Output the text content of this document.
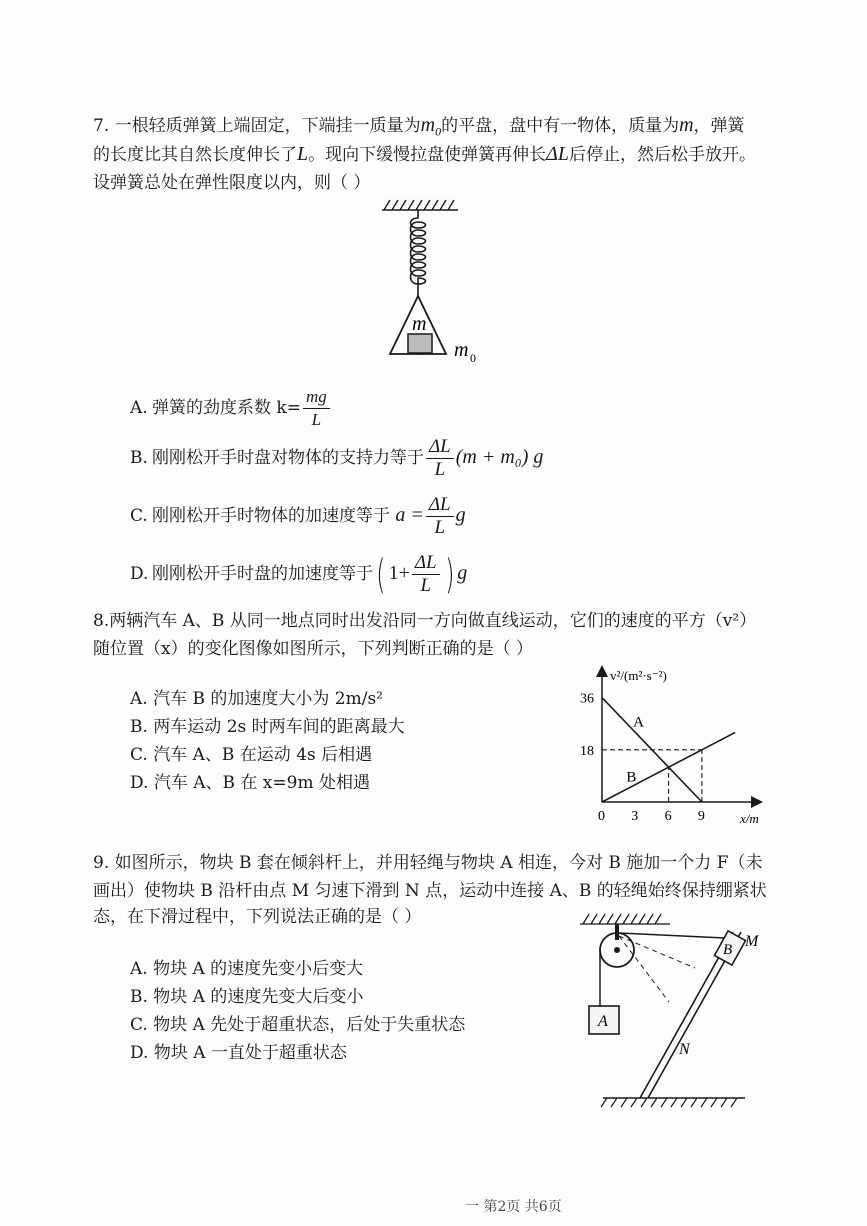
7. 一根轻质弹簧上端固定，下端挂一质量为$m_0$的平盘，盘中有一物体，质量为m，弹簧
的长度比其自然长度伸长了L。现向下缓慢拉盘使弹簧再伸长ΔL后停止，然后松手放开。
设弹簧总处在弹性限度以内，则（ ）
m
m 0
A. 弹簧的劲度系数 $k= \frac{mg}{L}$
B. 刚刚松开手时盘对物体的支持力等于 $\frac{\Delta L}{L} (m + m_0)$ g
C. 刚刚松开手时物体的加速度等于 $a = \frac{\Delta L}{L}$ g
D. 刚刚松开手时盘的加速度等于( $1+ \frac{\Delta L}{L}$ ) g
8.两辆汽车 A、B 从同一地点同时出发沿同一方向做直线运动，它们的速度的平方（v²）
随位置（x）的变化图像如图所示，下列判断正确的是（ ）
A. 汽车 B 的加速度大小为 2m/s²
B. 两车运动 2s 时两车间的距离最大
C. 汽车 A、B 在运动 4s 后相遇
D. 汽车 A、B 在 x=9m 处相遇
v²/(m²·s⁻²)
x/m
A
B
0 3 6 9
18
36
9. 如图所示，物块 B 套在倾斜杆上，并用轻绳与物块 A 相连，今对 B 施加一个力 F（未
画出）使物块 B 沿杆由点 M 匀速下滑到 N 点，运动中连接 A、B 的轻绳始终保持绷紧状
态，在下滑过程中，下列说法正确的是（ ）
A. 物块 A 的速度先变小后变大
B. 物块 A 的速度先变大后变小
C. 物块 A 先处于超重状态，后处于失重状态
D. 物块 A 一直处于超重状态
A
B M
N
一 第2页 共6页
